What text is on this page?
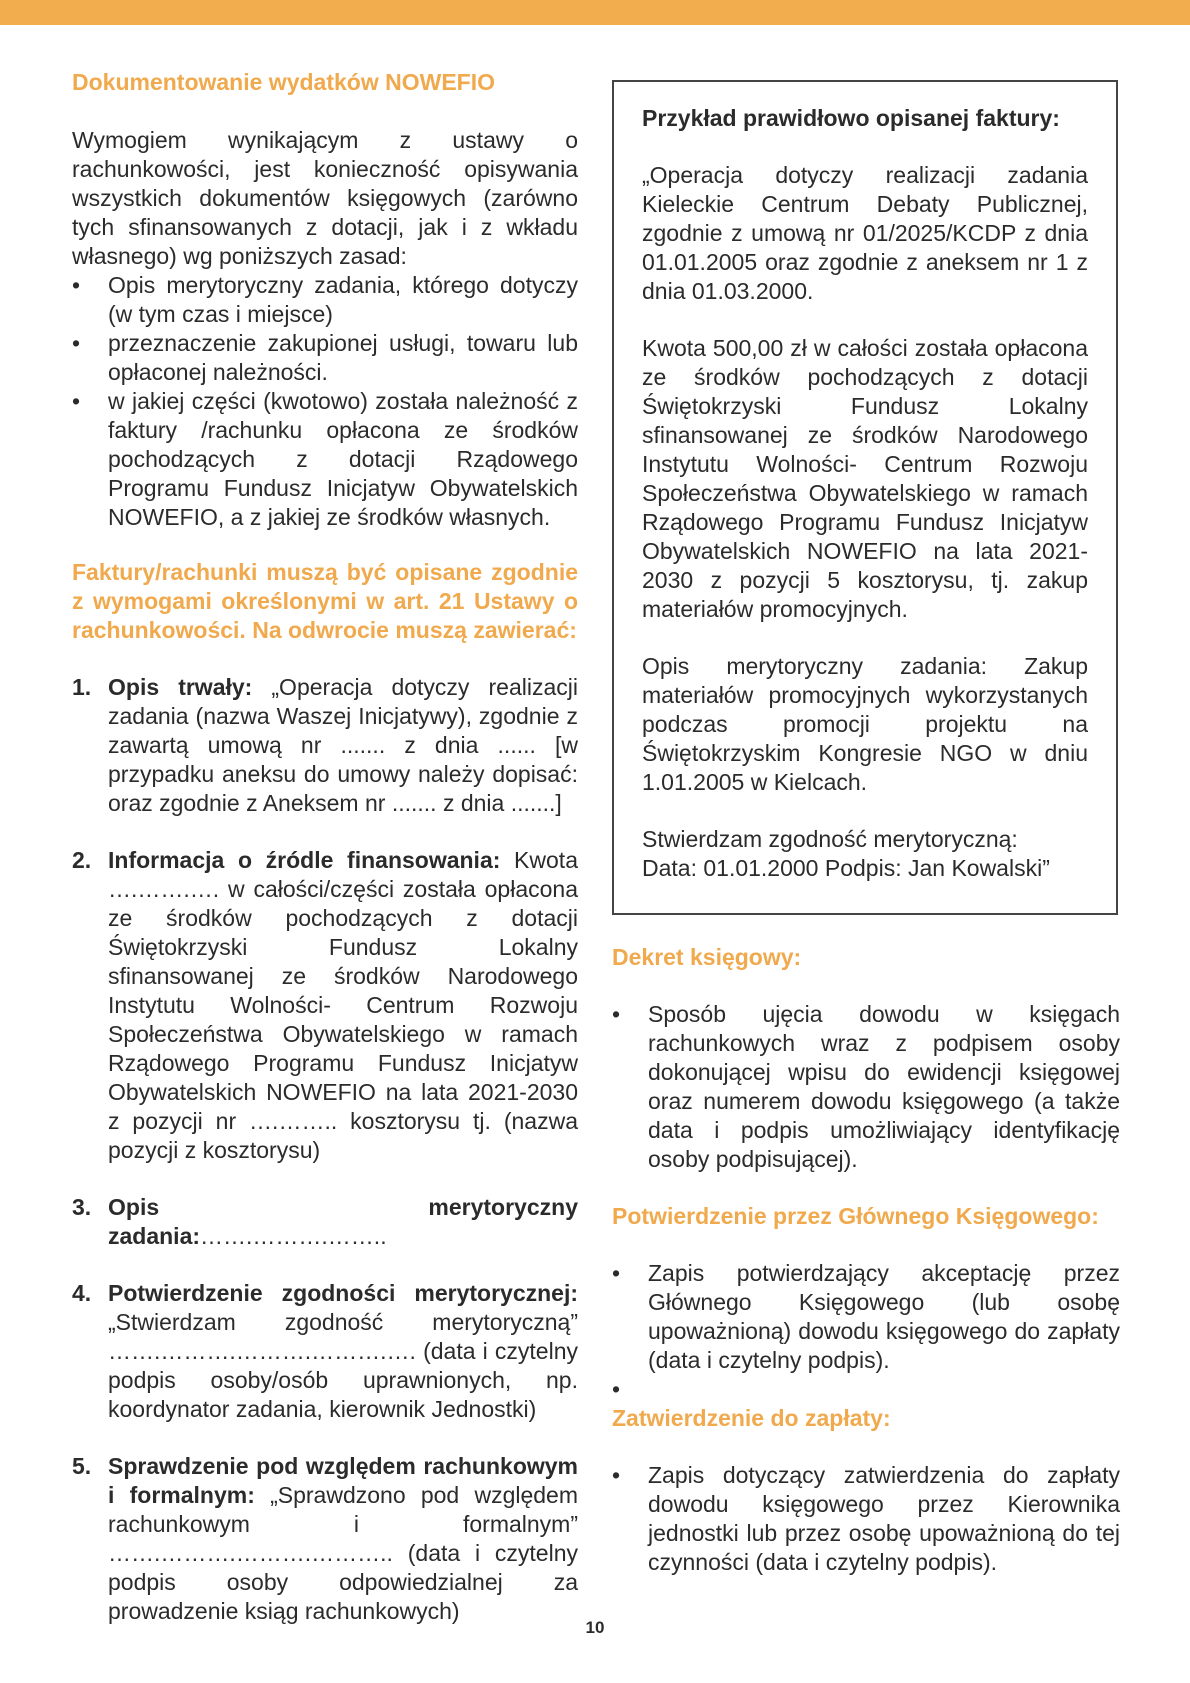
Dokumentowanie wydatków NOWEFIO

Wymogiem wynikającym z ustawy o rachunkowości, jest konieczność opisywania wszystkich dokumentów księgowych (zarówno tych sfinansowanych z dotacji, jak i z wkładu własnego) wg poniższych zasad:

• Opis merytoryczny zadania, którego dotyczy (w tym czas i miejsce)
• przeznaczenie zakupionej usługi, towaru lub opłaconej należności.
• w jakiej części (kwotowo) została należność z faktury /rachunku opłacona ze środków pochodzących z dotacji Rządowego Programu Fundusz Inicjatyw Obywatelskich NOWEFIO, a z jakiej ze środków własnych.

Faktury/rachunki muszą być opisane zgodnie z wymogami określonymi w art. 21 Ustawy o rachunkowości. Na odwrocie muszą zawierać:

1. Opis trwały: „Operacja dotyczy realizacji zadania (nazwa Waszej Inicjatywy), zgodnie z zawartą umową nr ....... z dnia ...... [w przypadku aneksu do umowy należy dopisać: oraz zgodnie z Aneksem nr ....... z dnia .......]
2. Informacja o źródle finansowania: Kwota ….…….…. w całości/części została opłacona ze środków pochodzących z dotacji Świętokrzyski Fundusz Lokalny sfinansowanej ze środków Narodowego Instytutu Wolności- Centrum Rozwoju Społeczeństwa Obywatelskiego w ramach Rządowego Programu Fundusz Inicjatyw Obywatelskich NOWEFIO na lata 2021-2030 z pozycji nr ….…….. kosztorysu tj. (nazwa pozycji z kosztorysu)
3. Opis merytoryczny zadania:…….……….……..
4. Potwierdzenie zgodności merytorycznej: „Stwierdzam zgodność merytoryczną” …….……….……….……….…. (data i czytelny podpis osoby/osób uprawnionych, np. koordynator zadania, kierownik Jednostki)
5. Sprawdzenie pod względem rachunkowym i formalnym: „Sprawdzono pod względem rachunkowym i formalnym” …….……….……….……….. (data i czytelny podpis osoby odpowiedzialnej za prowadzenie ksiąg rachunkowych)

Przykład prawidłowo opisanej faktury:

„Operacja dotyczy realizacji zadania Kieleckie Centrum Debaty Publicznej, zgodnie z umową nr 01/2025/KCDP z dnia 01.01.2005 oraz zgodnie z aneksem nr 1 z dnia 01.03.2000.

Kwota 500,00 zł w całości została opłacona ze środków pochodzących z dotacji Świętokrzyski Fundusz Lokalny sfinansowanej ze środków Narodowego Instytutu Wolności- Centrum Rozwoju Społeczeństwa Obywatelskiego w ramach Rządowego Programu Fundusz Inicjatyw Obywatelskich NOWEFIO na lata 2021-2030 z pozycji 5 kosztorysu, tj. zakup materiałów promocyjnych.

Opis merytoryczny zadania: Zakup materiałów promocyjnych wykorzystanych podczas promocji projektu na Świętokrzyskim Kongresie NGO w dniu 1.01.2005 w Kielcach.

Stwierdzam zgodność merytoryczną:

Data: 01.01.2000 Podpis: Jan Kowalski”

Dekret księgowy:

• Sposób ujęcia dowodu w księgach rachunkowych wraz z podpisem osoby dokonującej wpisu do ewidencji księgowej oraz numerem dowodu księgowego (a także data i podpis umożliwiający identyfikację osoby podpisującej).

Potwierdzenie przez Głównego Księgowego:

• Zapis potwierdzający akceptację przez Głównego Księgowego (lub osobę upoważnioną) dowodu księgowego do zapłaty (data i czytelny podpis).
•

Zatwierdzenie do zapłaty:

• Zapis dotyczący zatwierdzenia do zapłaty dowodu księgowego przez Kierownika jednostki lub przez osobę upoważnioną do tej czynności (data i czytelny podpis).
10
